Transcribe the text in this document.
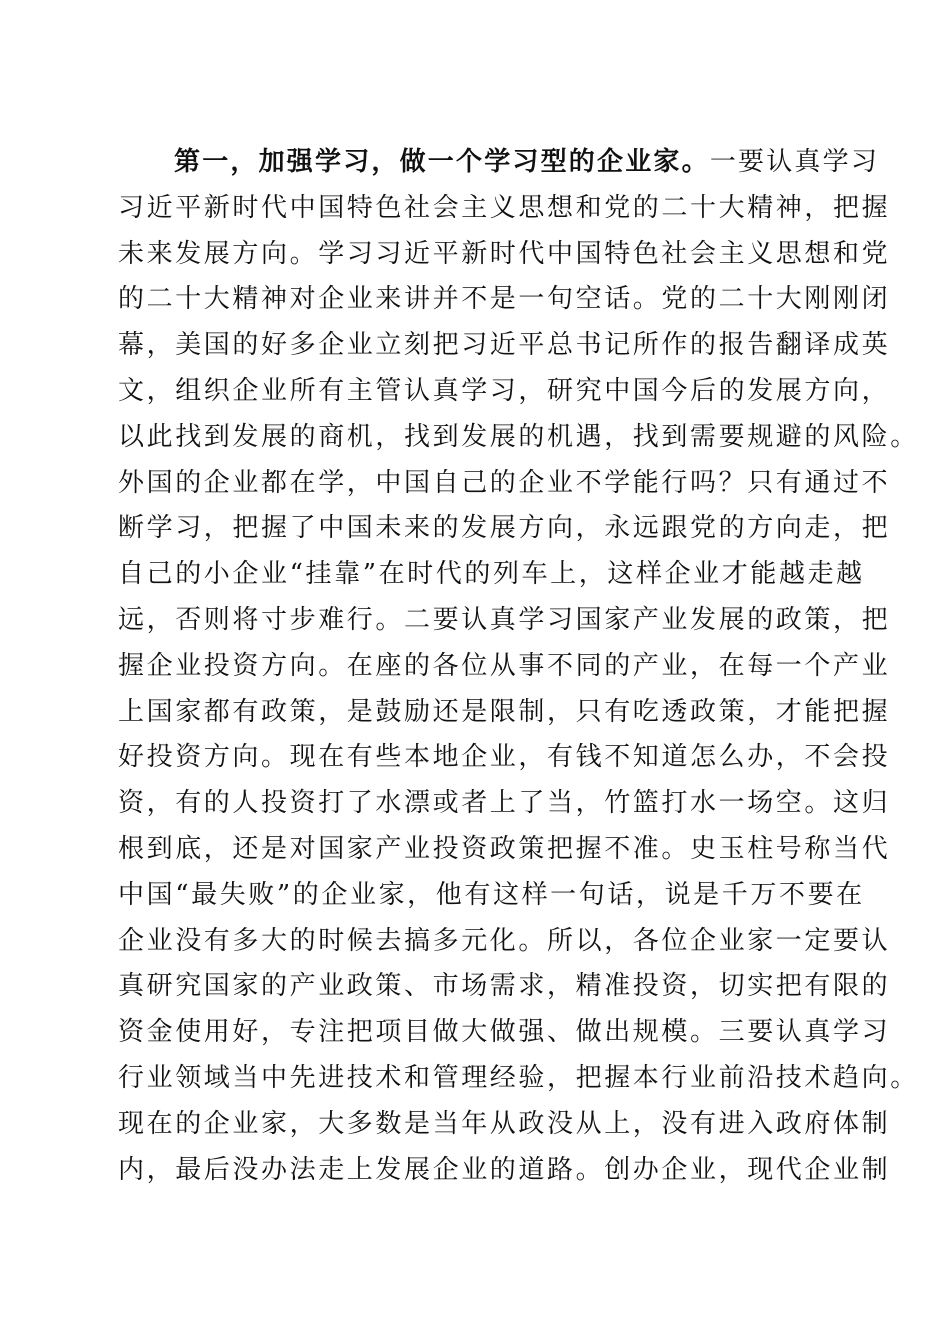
第一，加强学习，做一个学习型的企业家。一要认真学习
习近平新时代中国特色社会主义思想和党的二十大精神，把握
未来发展方向。学习习近平新时代中国特色社会主义思想和党
的二十大精神对企业来讲并不是一句空话。党的二十大刚刚闭
幕，美国的好多企业立刻把习近平总书记所作的报告翻译成英
文，组织企业所有主管认真学习，研究中国今后的发展方向，
以此找到发展的商机，找到发展的机遇，找到需要规避的风险。
外国的企业都在学，中国自己的企业不学能行吗？只有通过不
断学习，把握了中国未来的发展方向，永远跟党的方向走，把
自己的小企业“挂靠”在时代的列车上，这样企业才能越走越
远，否则将寸步难行。二要认真学习国家产业发展的政策，把
握企业投资方向。在座的各位从事不同的产业，在每一个产业
上国家都有政策，是鼓励还是限制，只有吃透政策，才能把握
好投资方向。现在有些本地企业，有钱不知道怎么办，不会投
资，有的人投资打了水漂或者上了当，竹篮打水一场空。这归
根到底，还是对国家产业投资政策把握不准。史玉柱号称当代
中国“最失败”的企业家，他有这样一句话，说是千万不要在
企业没有多大的时候去搞多元化。所以，各位企业家一定要认
真研究国家的产业政策、市场需求，精准投资，切实把有限的
资金使用好，专注把项目做大做强、做出规模。三要认真学习
行业领域当中先进技术和管理经验，把握本行业前沿技术趋向。
现在的企业家，大多数是当年从政没从上，没有进入政府体制
内，最后没办法走上发展企业的道路。创办企业，现代企业制
